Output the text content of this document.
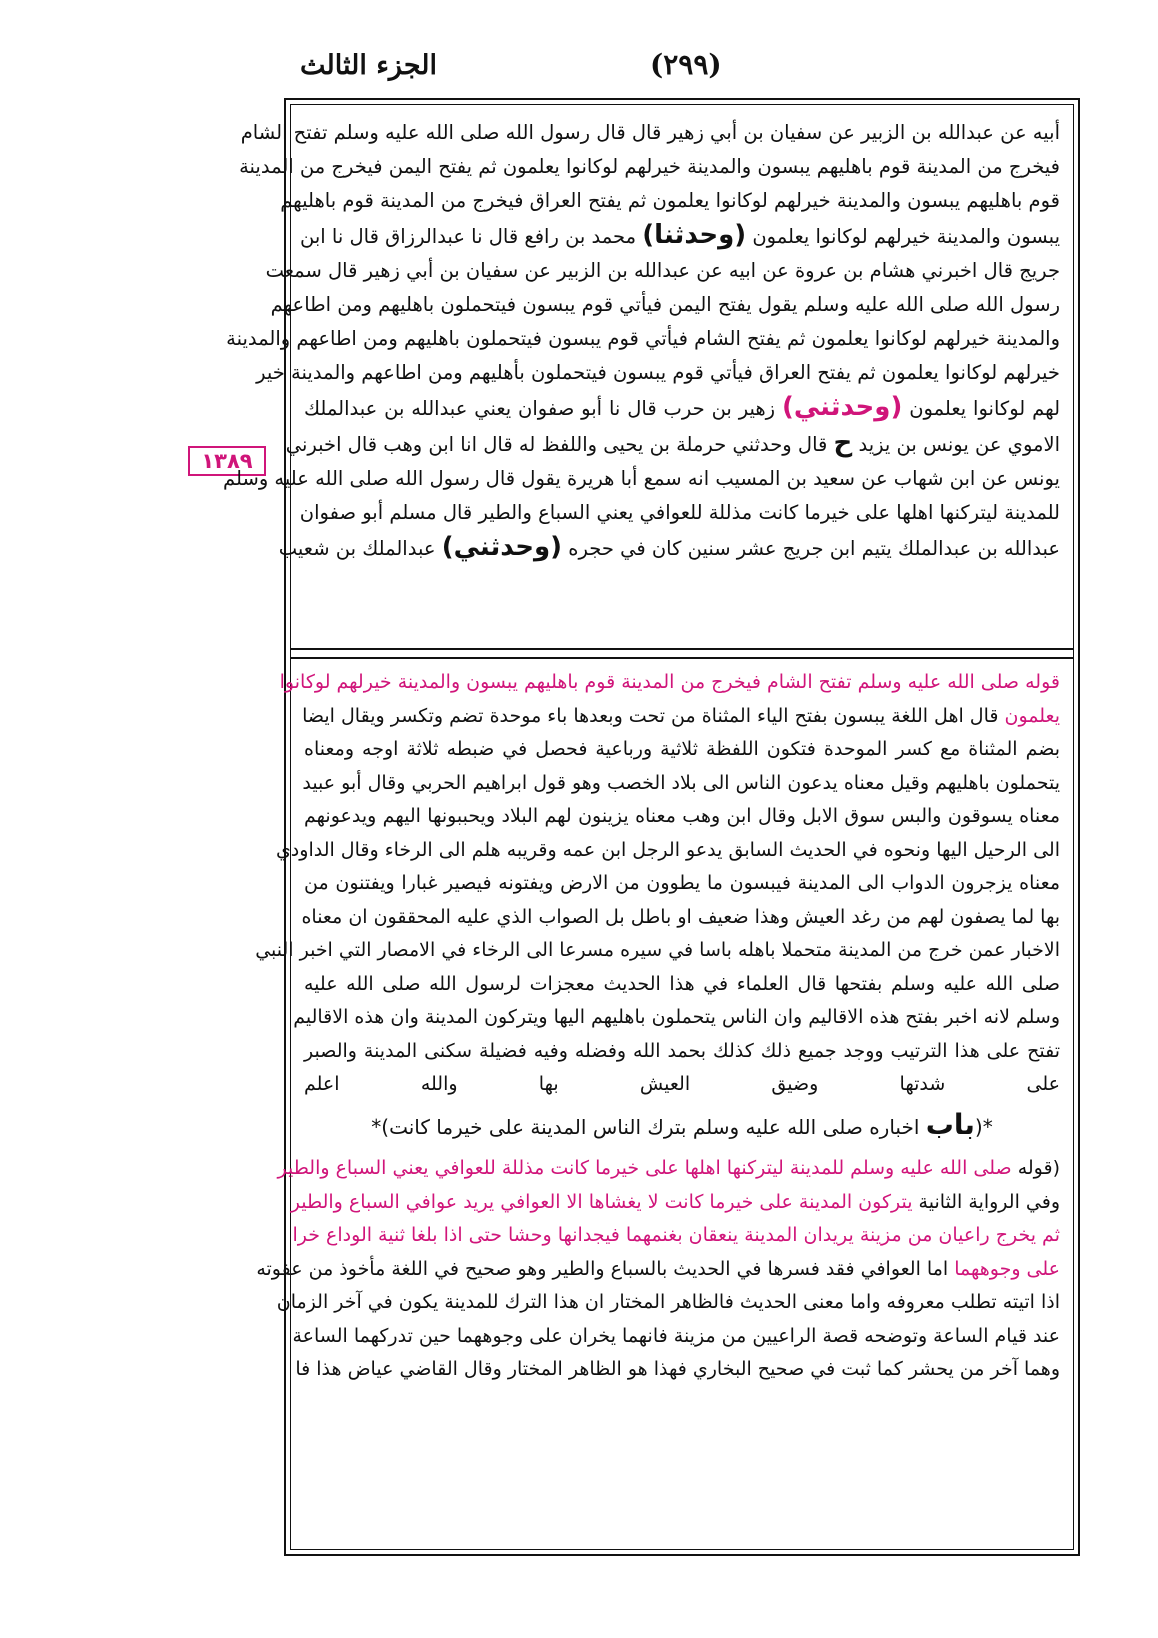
الجزء الثالث	(٢٩٩)
١٣٨٩
أبيه عن عبدالله بن الزبير عن سفيان بن أبي زهير قال قال رسول الله صلى الله عليه وسلم تفتح الشام
فيخرج من المدينة قوم باهليهم يبسون والمدينة خيرلهم لوكانوا يعلمون ثم يفتح اليمن فيخرج من المدينة
قوم باهليهم يبسون والمدينة خيرلهم لوكانوا يعلمون ثم يفتح العراق فيخرج من المدينة قوم باهليهم
يبسون والمدينة خيرلهم لوكانوا يعلمون (وحدثنا) محمد بن رافع قال نا عبدالرزاق قال نا ابن
جريج قال اخبرني هشام بن عروة عن ابيه عن عبدالله بن الزبير عن سفيان بن أبي زهير قال سمعت
رسول الله صلى الله عليه وسلم يقول يفتح اليمن فيأتي قوم يبسون فيتحملون باهليهم ومن اطاعهم
والمدينة خيرلهم لوكانوا يعلمون ثم يفتح الشام فيأتي قوم يبسون فيتحملون باهليهم ومن اطاعهم والمدينة
خيرلهم لوكانوا يعلمون ثم يفتح العراق فيأتي قوم يبسون فيتحملون بأهليهم ومن اطاعهم والمدينة خير
لهم لوكانوا يعلمون (وحدثني) زهير بن حرب قال نا أبو صفوان يعني عبدالله بن عبدالملك
الاموي عن يونس بن يزيد ح قال وحدثني حرملة بن يحيى واللفظ له قال انا ابن وهب قال اخبرني
يونس عن ابن شهاب عن سعيد بن المسيب انه سمع أبا هريرة يقول قال رسول الله صلى الله عليه وسلم
للمدينة ليتركنها اهلها على خيرما كانت مذللة للعوافي يعني السباع والطير قال مسلم أبو صفوان
عبدالله بن عبدالملك يتيم ابن جريج عشر سنين كان في حجره (وحدثني) عبدالملك بن شعيب
قوله صلى الله عليه وسلم تفتح الشام فيخرج من المدينة قوم باهليهم يبسون والمدينة خيرلهم لوكانوا
يعلمون قال اهل اللغة يبسون بفتح الياء المثناة من تحت وبعدها باء موحدة تضم وتكسر ويقال ايضا
بضم المثناة مع كسر الموحدة فتكون اللفظة ثلاثية ورباعية فحصل في ضبطه ثلاثة اوجه ومعناه
يتحملون باهليهم وقيل معناه يدعون الناس الى بلاد الخصب وهو قول ابراهيم الحربي وقال أبو عبيد
معناه يسوقون والبس سوق الابل وقال ابن وهب معناه يزينون لهم البلاد ويحببونها اليهم ويدعونهم
الى الرحيل اليها ونحوه في الحديث السابق يدعو الرجل ابن عمه وقريبه هلم الى الرخاء وقال الداودي
معناه يزجرون الدواب الى المدينة فيبسون ما يطوون من الارض ويفتونه فيصير غبارا ويفتنون من
بها لما يصفون لهم من رغد العيش وهذا ضعيف او باطل بل الصواب الذي عليه المحققون ان معناه
الاخبار عمن خرج من المدينة متحملا باهله باسا في سيره مسرعا الى الرخاء في الامصار التي اخبر النبي
صلى الله عليه وسلم بفتحها قال العلماء في هذا الحديث معجزات لرسول الله صلى الله عليه
وسلم لانه اخبر بفتح هذه الاقاليم وان الناس يتحملون باهليهم اليها ويتركون المدينة وان هذه الاقاليم
تفتح على هذا الترتيب ووجد جميع ذلك كذلك بحمد الله وفضله وفيه فضيلة سكنى المدينة والصبر
على شدتها وضيق العيش بها والله اعلم
*(باب اخباره صلى الله عليه وسلم بترك الناس المدينة على خيرما كانت)*
(قوله صلى الله عليه وسلم للمدينة ليتركنها اهلها على خيرما كانت مذللة للعوافي يعني السباع والطير
وفي الرواية الثانية يتركون المدينة على خيرما كانت لا يغشاها الا العوافي يريد عوافي السباع والطير
ثم يخرج راعيان من مزينة يريدان المدينة ينعقان بغنمهما فيجدانها وحشا حتى اذا بلغا ثنية الوداع خرا
على وجوههما اما العوافي فقد فسرها في الحديث بالسباع والطير وهو صحيح في اللغة مأخوذ من عفوته
اذا اتيته تطلب معروفه واما معنى الحديث فالظاهر المختار ان هذا الترك للمدينة يكون في آخر الزمان
عند قيام الساعة وتوضحه قصة الراعيين من مزينة فانهما يخران على وجوههما حين تدركهما الساعة
وهما آخر من يحشر كما ثبت في صحيح البخاري فهذا هو الظاهر المختار وقال القاضي عياض هذا فا
